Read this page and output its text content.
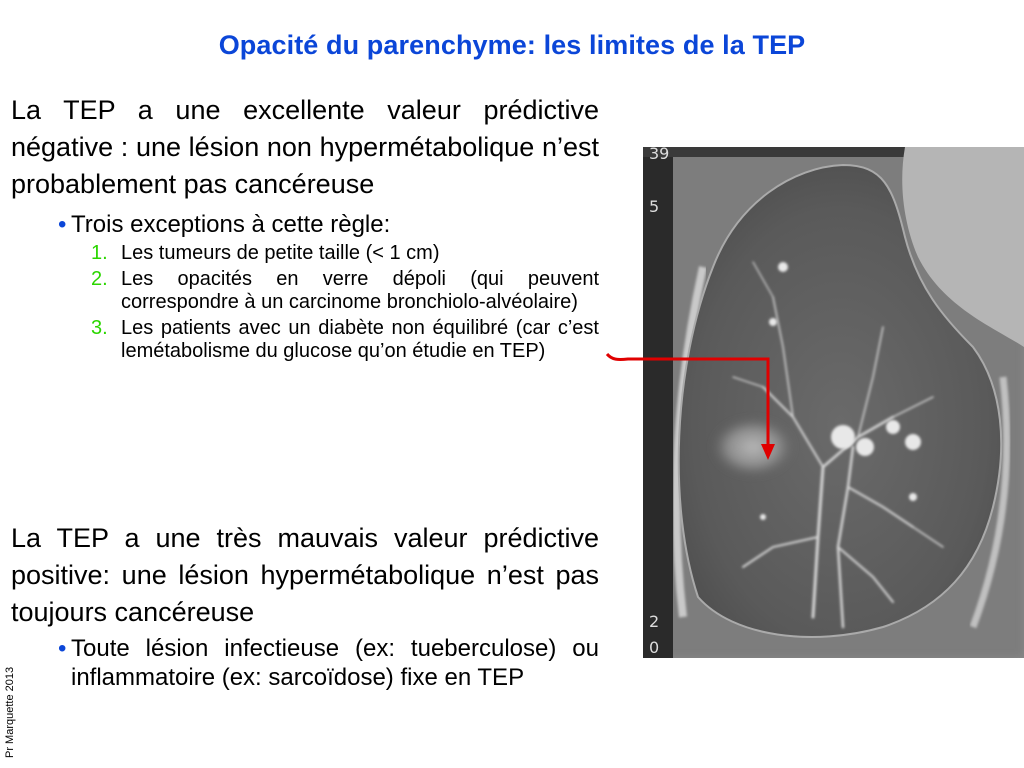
Opacité du parenchyme: les limites de la TEP

La TEP a une excellente valeur prédictive négative : une lésion non hypermétabolique n’est probablement pas cancéreuse

• Trois exceptions à cette règle:
1. Les tumeurs de petite taille (< 1 cm)
2. Les opacités en verre dépoli (qui peuvent correspondre à un carcinome bronchiolo-alvéolaire)
3. Les patients avec un diabète non équilibré (car c’est lemétabolisme du glucose qu’on étudie en TEP)

La TEP a une très mauvais valeur prédictive positive: une lésion hypermétabolique n’est pas toujours cancéreuse

• Toute lésion infectieuse (ex: tueberculose) ou inflammatoire (ex: sarcoïdose) fixe en TEP
Pr Marquette 2013
39
5
2
0
